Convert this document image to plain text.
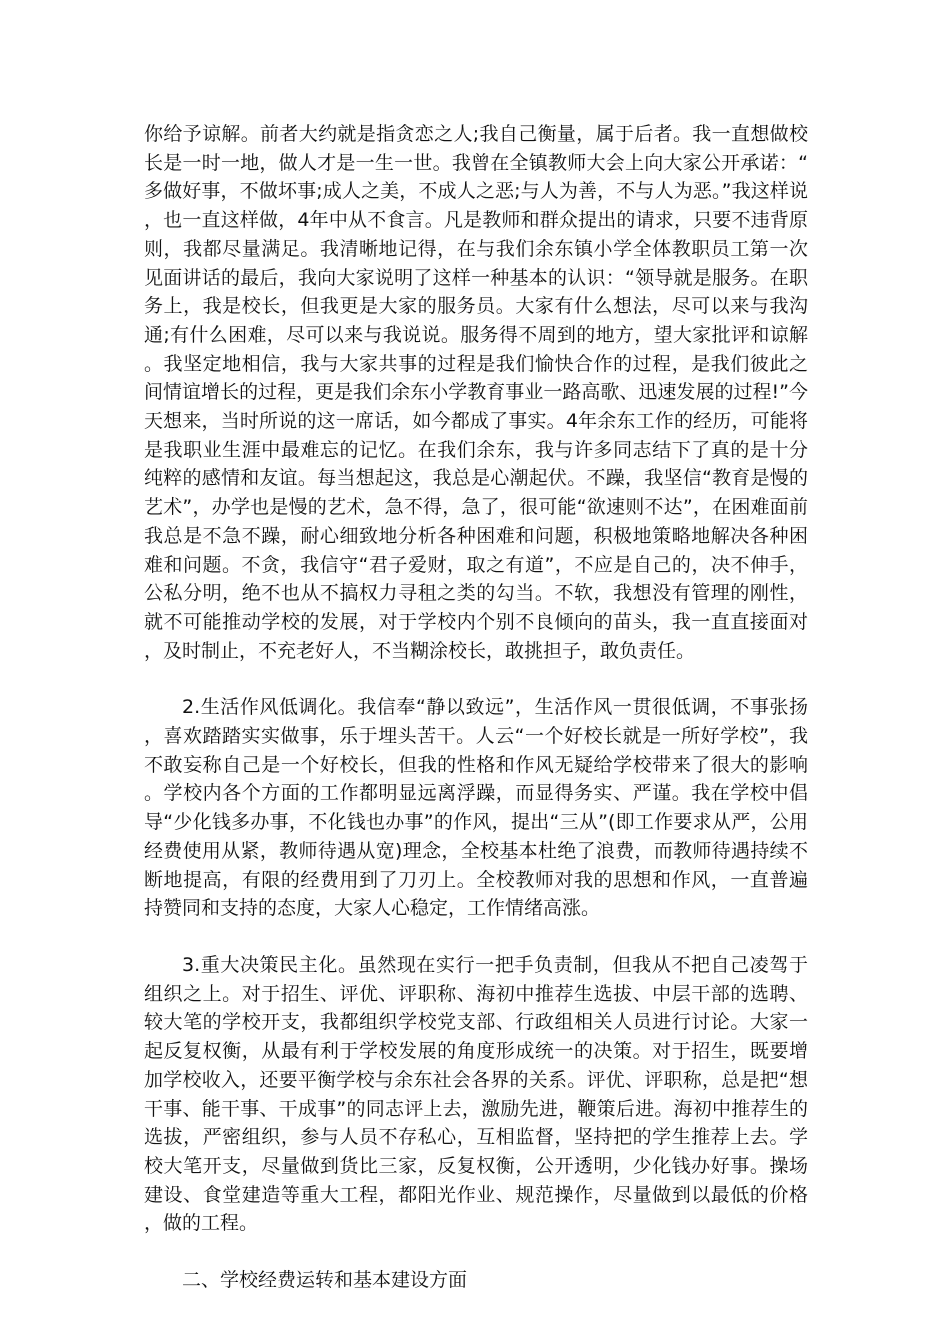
你给予谅解。前者大约就是指贪恋之人;我自己衡量，属于后者。我一直想做校长是一时一地，做人才是一生一世。我曾在全镇教师大会上向大家公开承诺：“多做好事，不做坏事;成人之美，不成人之恶;与人为善，不与人为恶。”我这样说，也一直这样做，4年中从不食言。凡是教师和群众提出的请求，只要不违背原则，我都尽量满足。我清晰地记得，在与我们余东镇小学全体教职员工第一次见面讲话的最后，我向大家说明了这样一种基本的认识：“领导就是服务。在职务上，我是校长，但我更是大家的服务员。大家有什么想法，尽可以来与我沟通;有什么困难，尽可以来与我说说。服务得不周到的地方，望大家批评和谅解。我坚定地相信，我与大家共事的过程是我们愉快合作的过程，是我们彼此之间情谊增长的过程，更是我们余东小学教育事业一路高歌、迅速发展的过程!”今天想来，当时所说的这一席话，如今都成了事实。4年余东工作的经历，可能将是我职业生涯中最难忘的记忆。在我们余东，我与许多同志结下了真的是十分纯粹的感情和友谊。每当想起这，我总是心潮起伏。不躁，我坚信“教育是慢的艺术”，办学也是慢的艺术，急不得，急了，很可能“欲速则不达”，在困难面前我总是不急不躁，耐心细致地分析各种困难和问题，积极地策略地解决各种困难和问题。不贪，我信守“君子爱财，取之有道”，不应是自己的，决不伸手，公私分明，绝不也从不搞权力寻租之类的勾当。不软，我想没有管理的刚性，就不可能推动学校的发展，对于学校内个别不良倾向的苗头，我一直直接面对，及时制止，不充老好人，不当糊涂校长，敢挑担子，敢负责任。

2.生活作风低调化。我信奉“静以致远”，生活作风一贯很低调，不事张扬，喜欢踏踏实实做事，乐于埋头苦干。人云“一个好校长就是一所好学校”，我不敢妄称自己是一个好校长，但我的性格和作风无疑给学校带来了很大的影响。学校内各个方面的工作都明显远离浮躁，而显得务实、严谨。我在学校中倡导“少化钱多办事，不化钱也办事”的作风，提出“三从”(即工作要求从严，公用经费使用从紧，教师待遇从宽)理念，全校基本杜绝了浪费，而教师待遇持续不断地提高，有限的经费用到了刀刃上。全校教师对我的思想和作风，一直普遍持赞同和支持的态度，大家人心稳定，工作情绪高涨。

3.重大决策民主化。虽然现在实行一把手负责制，但我从不把自己凌驾于组织之上。对于招生、评优、评职称、海初中推荐生选拔、中层干部的选聘、较大笔的学校开支，我都组织学校党支部、行政组相关人员进行讨论。大家一起反复权衡，从最有利于学校发展的角度形成统一的决策。对于招生，既要增加学校收入，还要平衡学校与余东社会各界的关系。评优、评职称，总是把“想干事、能干事、干成事”的同志评上去，激励先进，鞭策后进。海初中推荐生的选拔，严密组织，参与人员不存私心，互相监督，坚持把的学生推荐上去。学校大笔开支，尽量做到货比三家，反复权衡，公开透明，少化钱办好事。操场建设、食堂建造等重大工程，都阳光作业、规范操作，尽量做到以最低的价格，做的工程。

二、学校经费运转和基本建设方面
